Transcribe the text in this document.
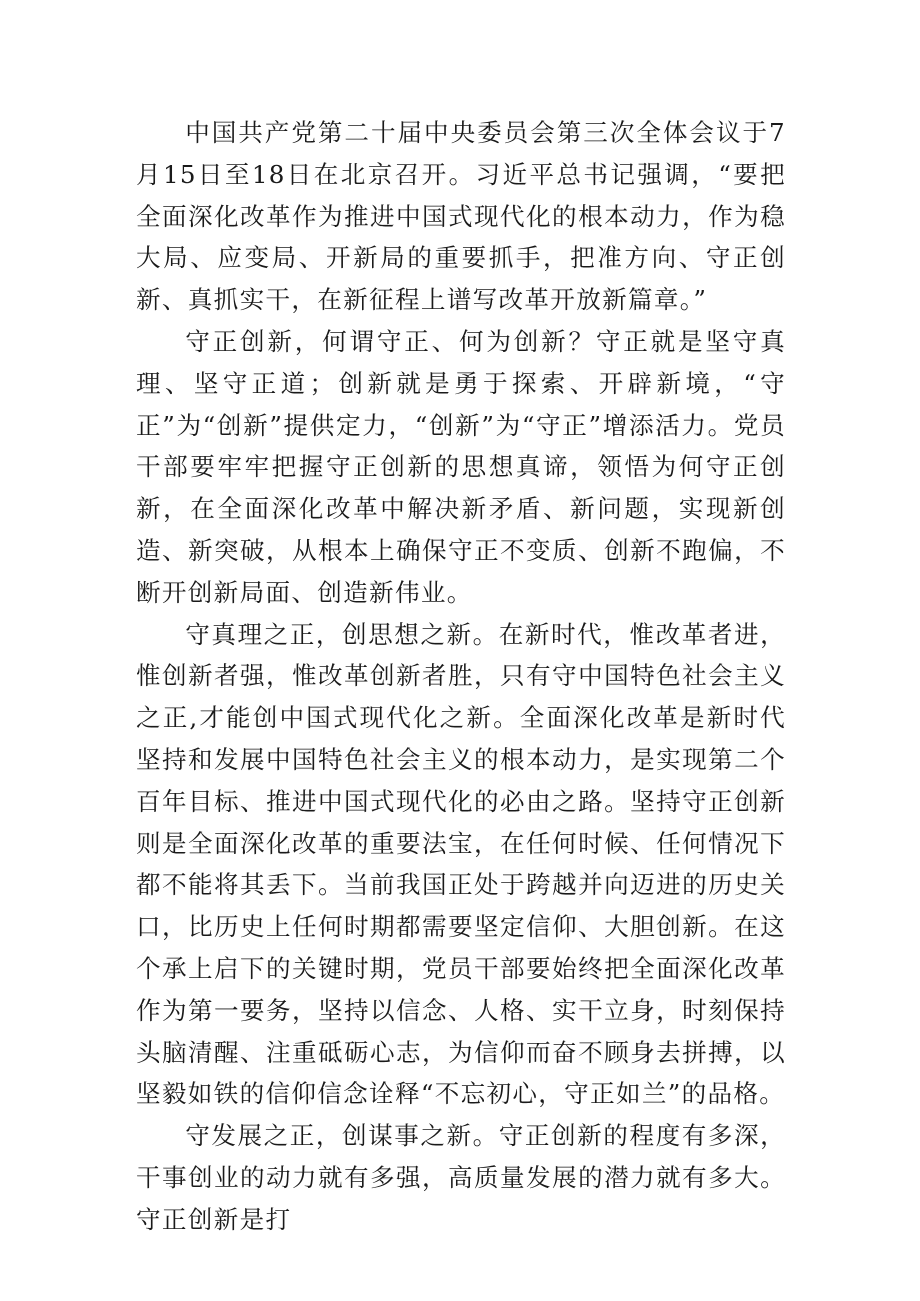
中国共产党第二十届中央委员会第三次全体会议于7月15日至18日在北京召开。习近平总书记强调，“要把全面深化改革作为推进中国式现代化的根本动力，作为稳大局、应变局、开新局的重要抓手，把准方向、守正创新、真抓实干，在新征程上谱写改革开放新篇章。”

守正创新，何谓守正、何为创新？守正就是坚守真理、坚守正道；创新就是勇于探索、开辟新境，“守正”为“创新”提供定力，“创新”为“守正”增添活力。党员干部要牢牢把握守正创新的思想真谛，领悟为何守正创新，在全面深化改革中解决新矛盾、新问题，实现新创造、新突破，从根本上确保守正不变质、创新不跑偏，不断开创新局面、创造新伟业。

守真理之正，创思想之新。在新时代，惟改革者进，惟创新者强，惟改革创新者胜，只有守中国特色社会主义之正,才能创中国式现代化之新。全面深化改革是新时代坚持和发展中国特色社会主义的根本动力，是实现第二个百年目标、推进中国式现代化的必由之路。坚持守正创新则是全面深化改革的重要法宝，在任何时候、任何情况下都不能将其丢下。当前我国正处于跨越并向迈进的历史关口，比历史上任何时期都需要坚定信仰、大胆创新。在这个承上启下的关键时期，党员干部要始终把全面深化改革作为第一要务，坚持以信念、人格、实干立身，时刻保持头脑清醒、注重砥砺心志，为信仰而奋不顾身去拼搏，以坚毅如铁的信仰信念诠释“不忘初心，守正如兰”的品格。

守发展之正，创谋事之新。守正创新的程度有多深，干事创业的动力就有多强，高质量发展的潜力就有多大。守正创新是打
